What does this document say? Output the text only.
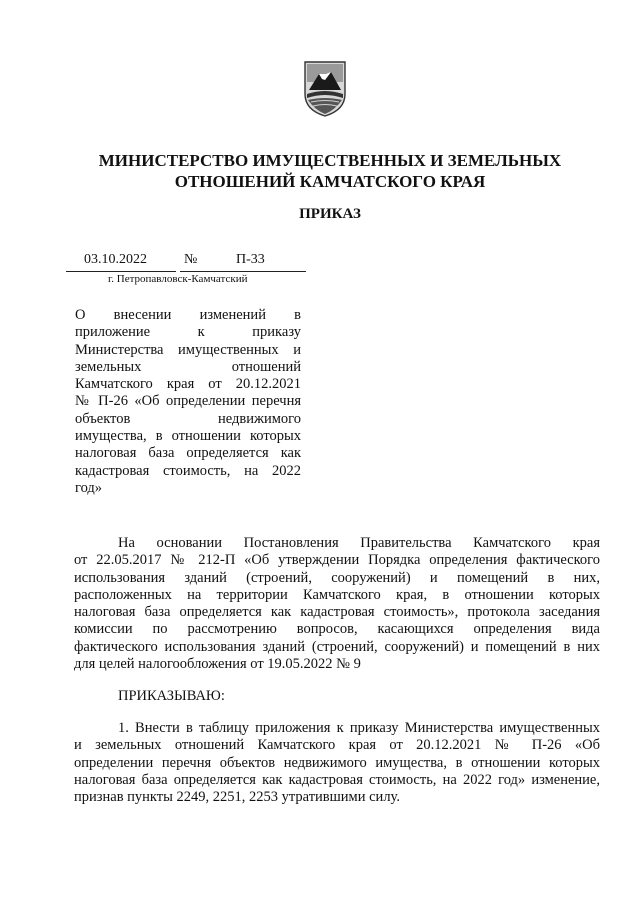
МИНИСТЕРСТВО ИМУЩЕСТВЕННЫХ И ЗЕМЕЛЬНЫХ
ОТНОШЕНИЙ КАМЧАТСКОГО КРАЯ
ПРИКАЗ
03.10.2022	№	П-33
г. Петропавловск-Камчатский
О внесении изменений в
приложение к приказу
Министерства имущественных и
земельных отношений
Камчатского края от 20.12.2021
№ П-26 «Об определении перечня
объектов недвижимого
имущества, в отношении которых
налоговая база определяется как
кадастровая стоимость, на 2022
год»
На основании Постановления Правительства Камчатского края
от 22.05.2017 № 212-П «Об утверждении Порядка определения фактического
использования зданий (строений, сооружений) и помещений в них,
расположенных на территории Камчатского края, в отношении которых
налоговая база определяется как кадастровая стоимость», протокола заседания
комиссии по рассмотрению вопросов, касающихся определения вида
фактического использования зданий (строений, сооружений) и помещений в них
для целей налогообложения от 19.05.2022 № 9
ПРИКАЗЫВАЮ:
1. Внести в таблицу приложения к приказу Министерства имущественных
и земельных отношений Камчатского края от 20.12.2021 № П-26 «Об
определении перечня объектов недвижимого имущества, в отношении которых
налоговая база определяется как кадастровая стоимость, на 2022 год» изменение,
признав пункты 2249, 2251, 2253 утратившими силу.
